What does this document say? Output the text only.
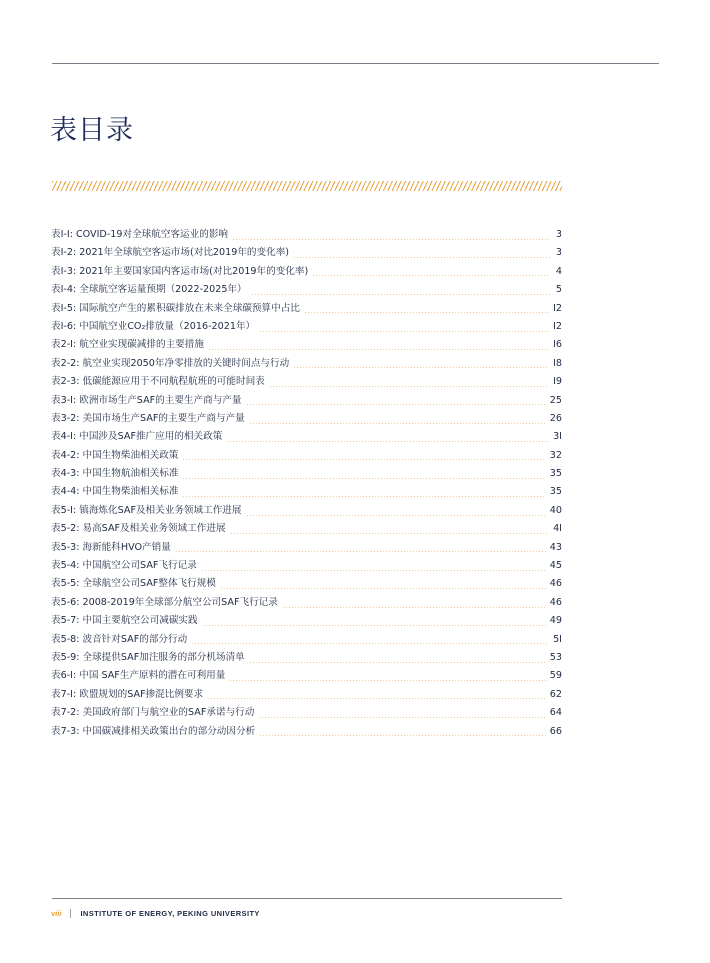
表目录
表I-I: COVID-19对全球航空客运业的影响	3
表I-2: 2021年全球航空客运市场(对比2019年的变化率)	3
表I-3: 2021年主要国家国内客运市场(对比2019年的变化率)	4
表I-4: 全球航空客运量预期（2022-2025年）	5
表I-5: 国际航空产生的累积碳排放在未来全球碳预算中占比	I2
表I-6: 中国航空业CO₂排放量（2016-2021年）	I2
表2-I: 航空业实现碳减排的主要措施	I6
表2-2: 航空业实现2050年净零排放的关键时间点与行动	I8
表2-3: 低碳能源应用于不同航程航班的可能时间表	I9
表3-I: 欧洲市场生产SAF的主要生产商与产量	25
表3-2: 美国市场生产SAF的主要生产商与产量	26
表4-I: 中国涉及SAF推广应用的相关政策	3I
表4-2: 中国生物柴油相关政策	32
表4-3: 中国生物航油相关标准	35
表4-4: 中国生物柴油相关标准	35
表5-I: 镇海炼化SAF及相关业务领域工作进展	40
表5-2: 易高SAF及相关业务领域工作进展	4I
表5-3: 海新能科HVO产销量	43
表5-4: 中国航空公司SAF飞行记录	45
表5-5: 全球航空公司SAF整体飞行规模	46
表5-6: 2008-2019年全球部分航空公司SAF飞行记录	46
表5-7: 中国主要航空公司减碳实践	49
表5-8: 波音针对SAF的部分行动	5I
表5-9: 全球提供SAF加注服务的部分机场清单	53
表6-I: 中国 SAF生产原料的潜在可利用量	59
表7-I: 欧盟规划的SAF掺混比例要求	62
表7-2: 美国政府部门与航空业的SAF承诺与行动	64
表7-3: 中国碳减排相关政策出台的部分动因分析	66
viii	INSTITUTE OF ENERGY, PEKING UNIVERSITY
